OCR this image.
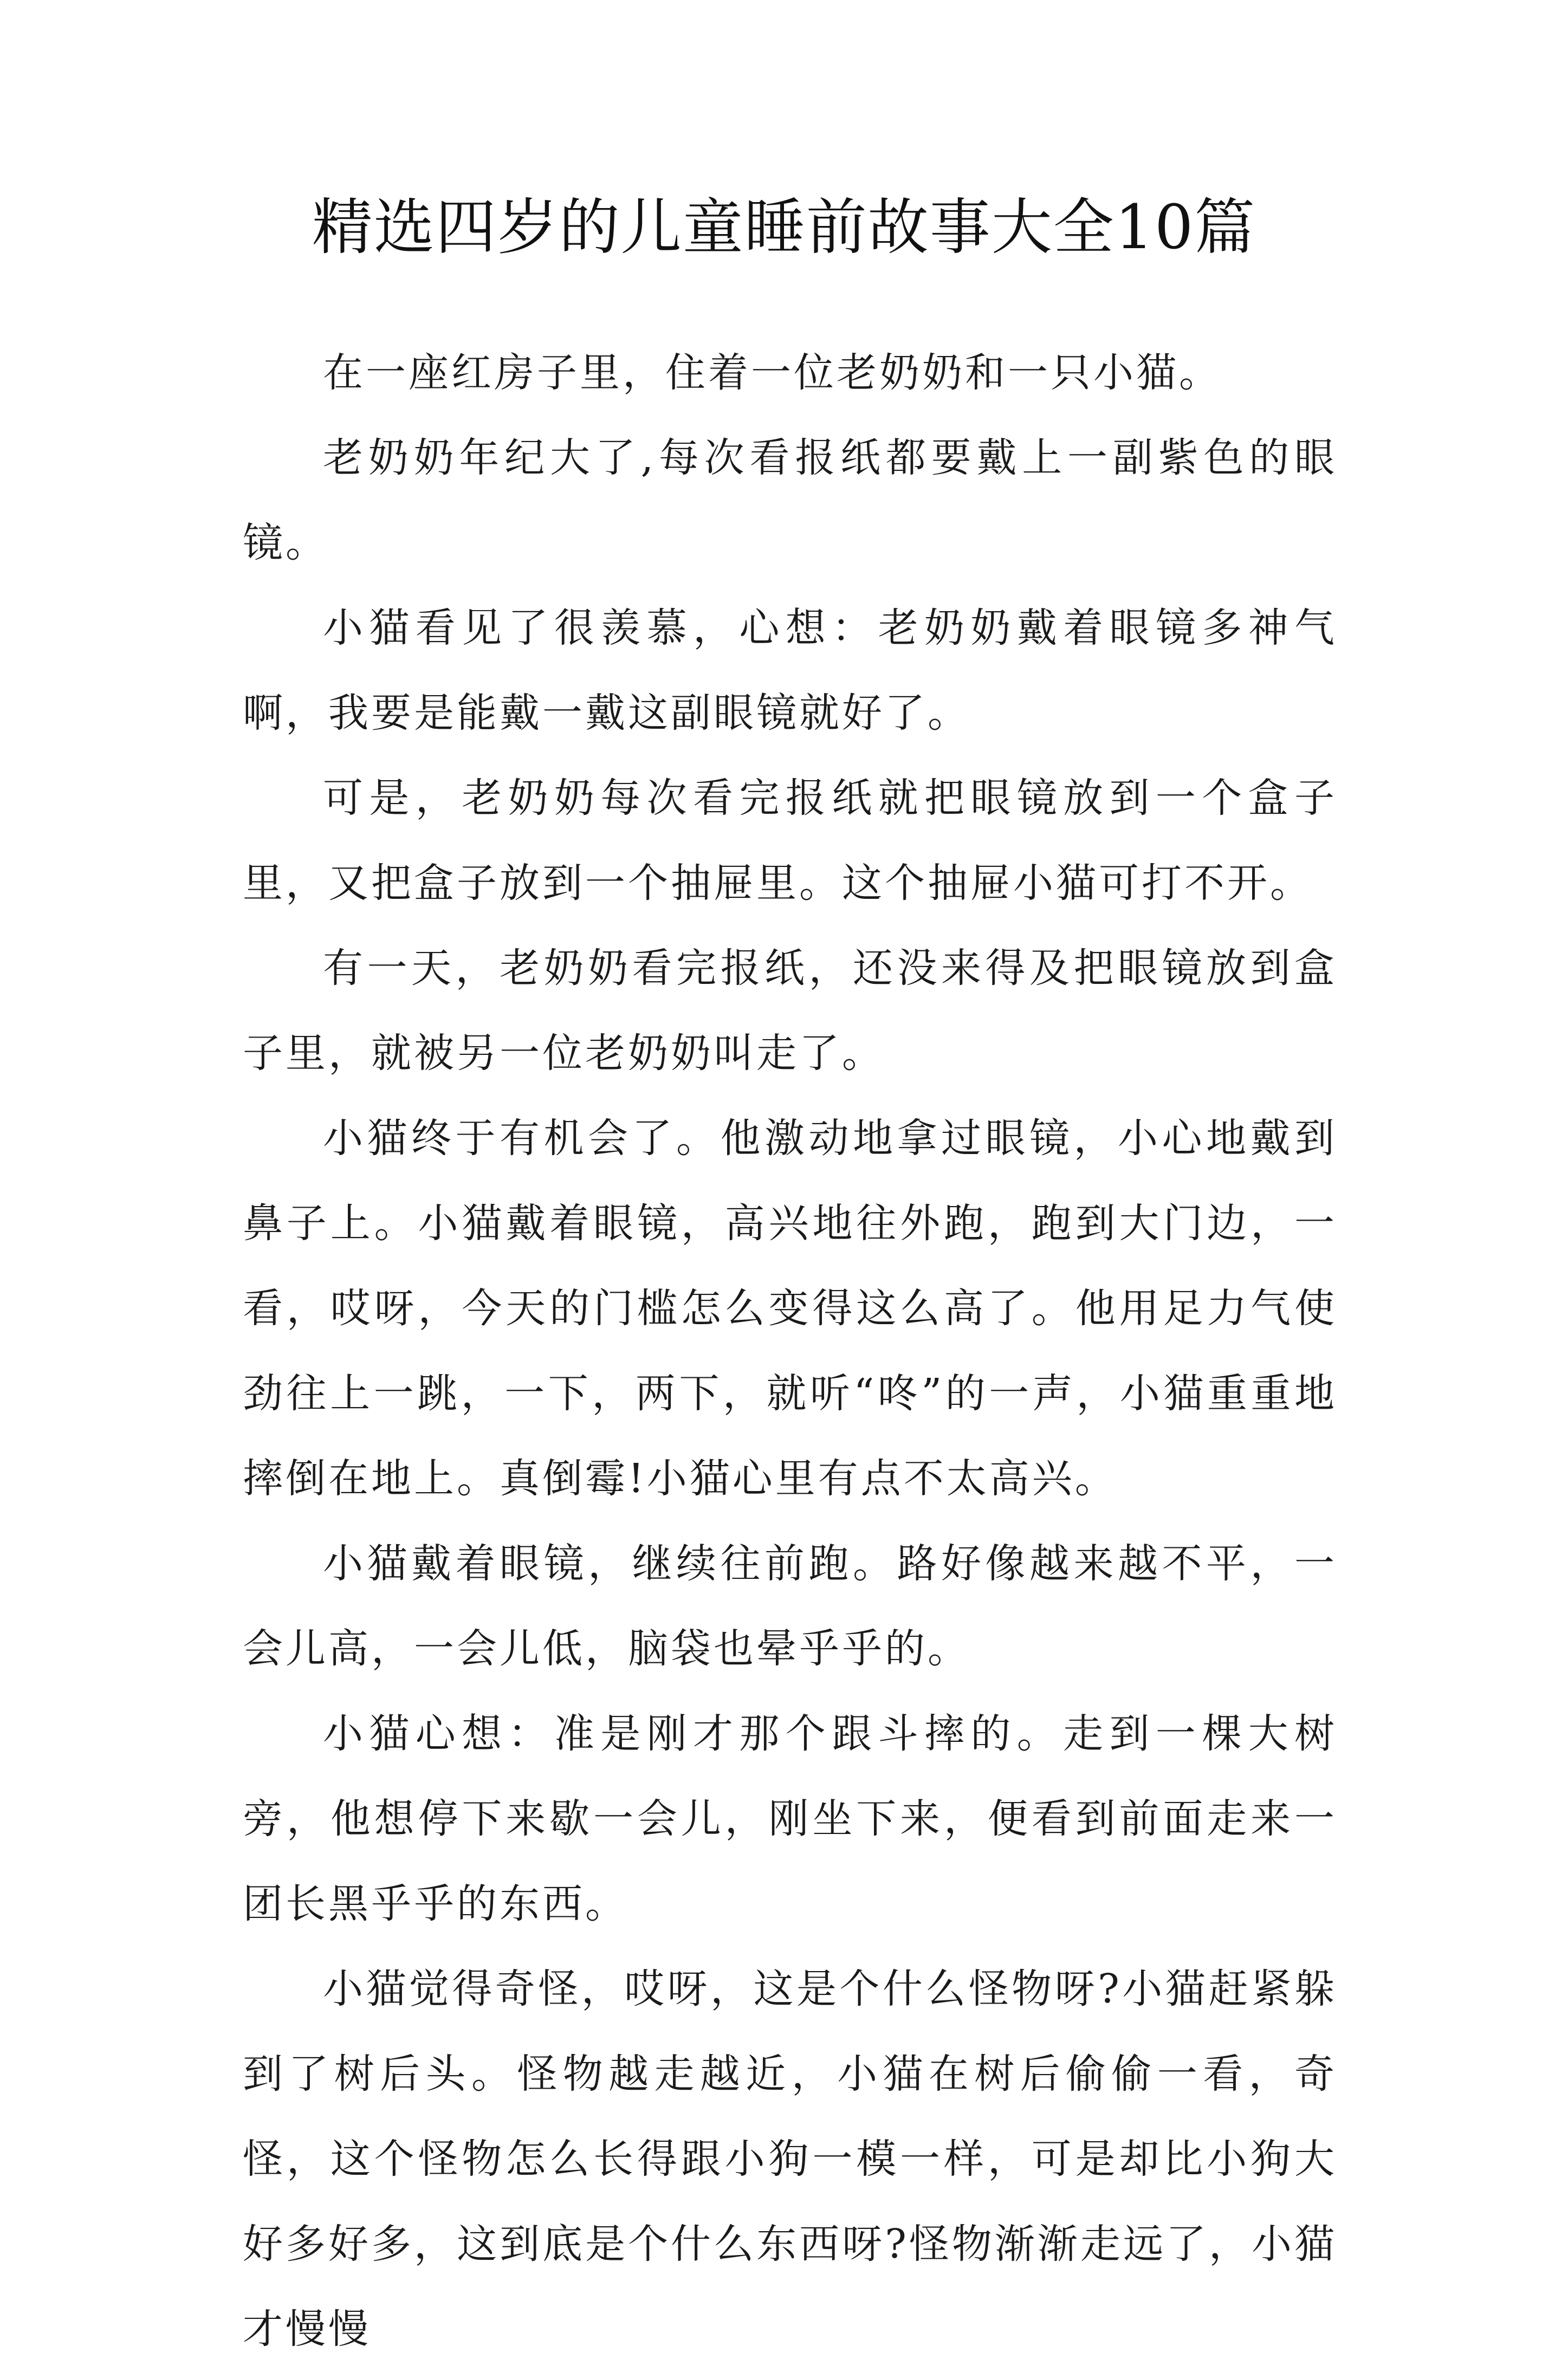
精选四岁的儿童睡前故事大全10篇

在一座红房子里，住着一位老奶奶和一只小猫。

老奶奶年纪大了,每次看报纸都要戴上一副紫色的眼镜。

小猫看见了很羡慕，心想：老奶奶戴着眼镜多神气啊，我要是能戴一戴这副眼镜就好了。

可是，老奶奶每次看完报纸就把眼镜放到一个盒子里，又把盒子放到一个抽屉里。这个抽屉小猫可打不开。

有一天，老奶奶看完报纸，还没来得及把眼镜放到盒子里，就被另一位老奶奶叫走了。

小猫终于有机会了。他激动地拿过眼镜，小心地戴到鼻子上。小猫戴着眼镜，高兴地往外跑，跑到大门边，一看，哎呀，今天的门槛怎么变得这么高了。他用足力气使劲往上一跳，一下，两下，就听“咚”的一声，小猫重重地摔倒在地上。真倒霉!小猫心里有点不太高兴。

小猫戴着眼镜，继续往前跑。路好像越来越不平，一会儿高，一会儿低，脑袋也晕乎乎的。

小猫心想：准是刚才那个跟斗摔的。走到一棵大树旁，他想停下来歇一会儿，刚坐下来，便看到前面走来一团长黑乎乎的东西。

小猫觉得奇怪，哎呀，这是个什么怪物呀?小猫赶紧躲到了树后头。怪物越走越近，小猫在树后偷偷一看，奇怪，这个怪物怎么长得跟小狗一模一样，可是却比小狗大好多好多，这到底是个什么东西呀?怪物渐渐走远了，小猫才慢慢
